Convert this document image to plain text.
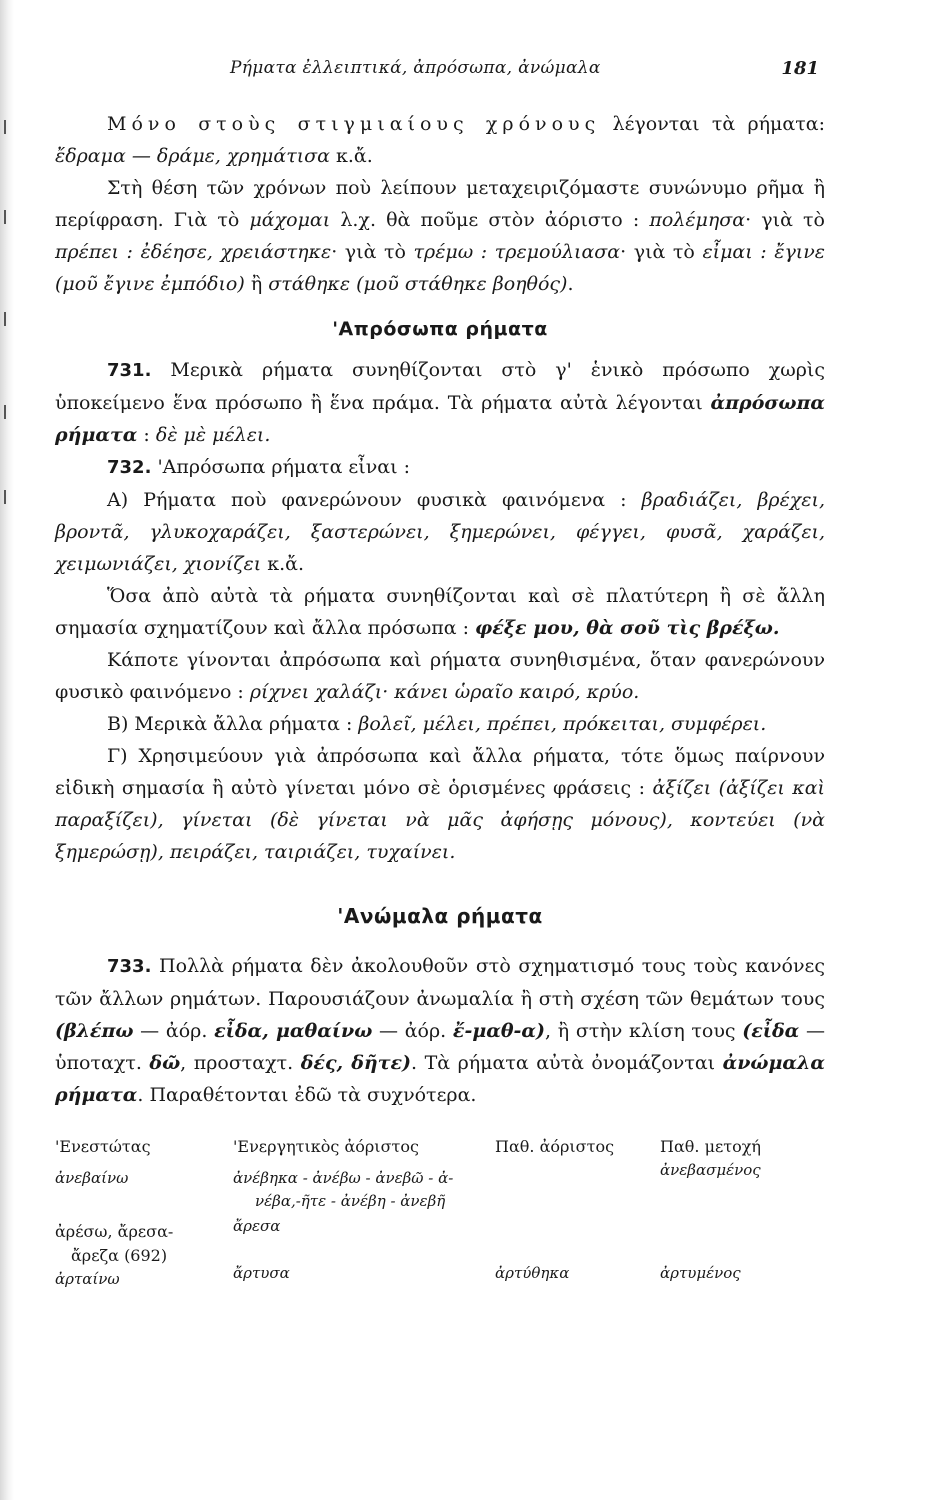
Ρήματα ἐλλειπτικά, ἀπρόσωπα, ἀνώμαλα	181

Μόνο στοὺς στιγμιαίους χρόνους λέγονται τὰ ρήματα: ἔδραμα — δράμε, χρημάτισα κ.ἄ.

Στὴ θέση τῶν χρόνων ποὺ λείπουν μεταχειριζόμαστε συνώνυμο ρῆμα ἢ περίφραση. Γιὰ τὸ μάχομαι λ.χ. θὰ ποῦμε στὸν ἀόριστο : πολέμησα· γιὰ τὸ πρέπει : ἐδέησε, χρειάστηκε· γιὰ τὸ τρέμω : τρεμούλιασα· γιὰ τὸ εἶμαι : ἔγινε (μοῦ ἔγινε ἐμπόδιο) ἢ στάθηκε (μοῦ στάθηκε βοηθός).

'Απρόσωπα ρήματα

731. Μερικὰ ρήματα συνηθίζονται στὸ γ' ἑνικὸ πρόσωπο χωρὶς ὑποκείμενο ἕνα πρόσωπο ἢ ἕνα πράμα. Τὰ ρήματα αὐτὰ λέγονται ἀπρόσωπα ρήματα : δὲ μὲ μέλει.

732. 'Απρόσωπα ρήματα εἶναι :

Α) Ρήματα ποὺ φανερώνουν φυσικὰ φαινόμενα : βραδιάζει, βρέχει, βροντᾶ, γλυκοχαράζει, ξαστερώνει, ξημερώνει, φέγγει, φυσᾶ, χαράζει, χειμωνιάζει, χιονίζει κ.ἄ.

Ὅσα ἀπὸ αὐτὰ τὰ ρήματα συνηθίζονται καὶ σὲ πλατύτερη ἢ σὲ ἄλλη σημασία σχηματίζουν καὶ ἄλλα πρόσωπα : φέξε μου, θὰ σοῦ τὶς βρέξω.

Κάποτε γίνονται ἀπρόσωπα καὶ ρήματα συνηθισμένα, ὅταν φανερώνουν φυσικὸ φαινόμενο : ρίχνει χαλάζι· κάνει ὡραῖο καιρό, κρύο.

Β) Μερικὰ ἄλλα ρήματα : βολεῖ, μέλει, πρέπει, πρόκειται, συμφέρει.

Γ) Χρησιμεύουν γιὰ ἀπρόσωπα καὶ ἄλλα ρήματα, τότε ὅμως παίρνουν εἰδικὴ σημασία ἢ αὐτὸ γίνεται μόνο σὲ ὁρισμένες φράσεις : ἀξίζει (ἀξίζει καὶ παραξίζει), γίνεται (δὲ γίνεται νὰ μᾶς ἀφήσῃς μόνους), κοντεύει (νὰ ξημερώσῃ), πειράζει, ταιριάζει, τυχαίνει.

'Ανώμαλα ρήματα

733. Πολλὰ ρήματα δὲν ἀκολουθοῦν στὸ σχηματισμό τους τοὺς κανόνες τῶν ἄλλων ρημάτων. Παρουσιάζουν ἀνωμαλία ἢ στὴ σχέση τῶν θεμάτων τους (βλέπω — ἀόρ. εἶδα, μαθαίνω — ἀόρ. ἔ-μαθ-α), ἢ στὴν κλίση τους (εἶδα — ὑποταχτ. δῶ, προσταχτ. δές, δῆτε). Τὰ ρήματα αὐτὰ ὀνομάζονται ἀνώμαλα ρήματα. Παραθέτονται ἐδῶ τὰ συχνότερα.

'Ενεστώτας
ἀνεβαίνω
ἀρέσω, ἄρεσα-
ἄρεζα (692)
ἀρταίνω
'Ενεργητικὸς ἀόριστος
ἀνέβηκα - ἀνέβω - ἀνεβῶ - ἀ-
νέβα,-ῆτε - ἀνέβη - ἀνεβῆ
ἄρεσα
ἄρτυσα
Παθ. ἀόριστος
ἀρτύθηκα
Παθ. μετοχή
ἀνεβασμένος
ἀρτυμένος
